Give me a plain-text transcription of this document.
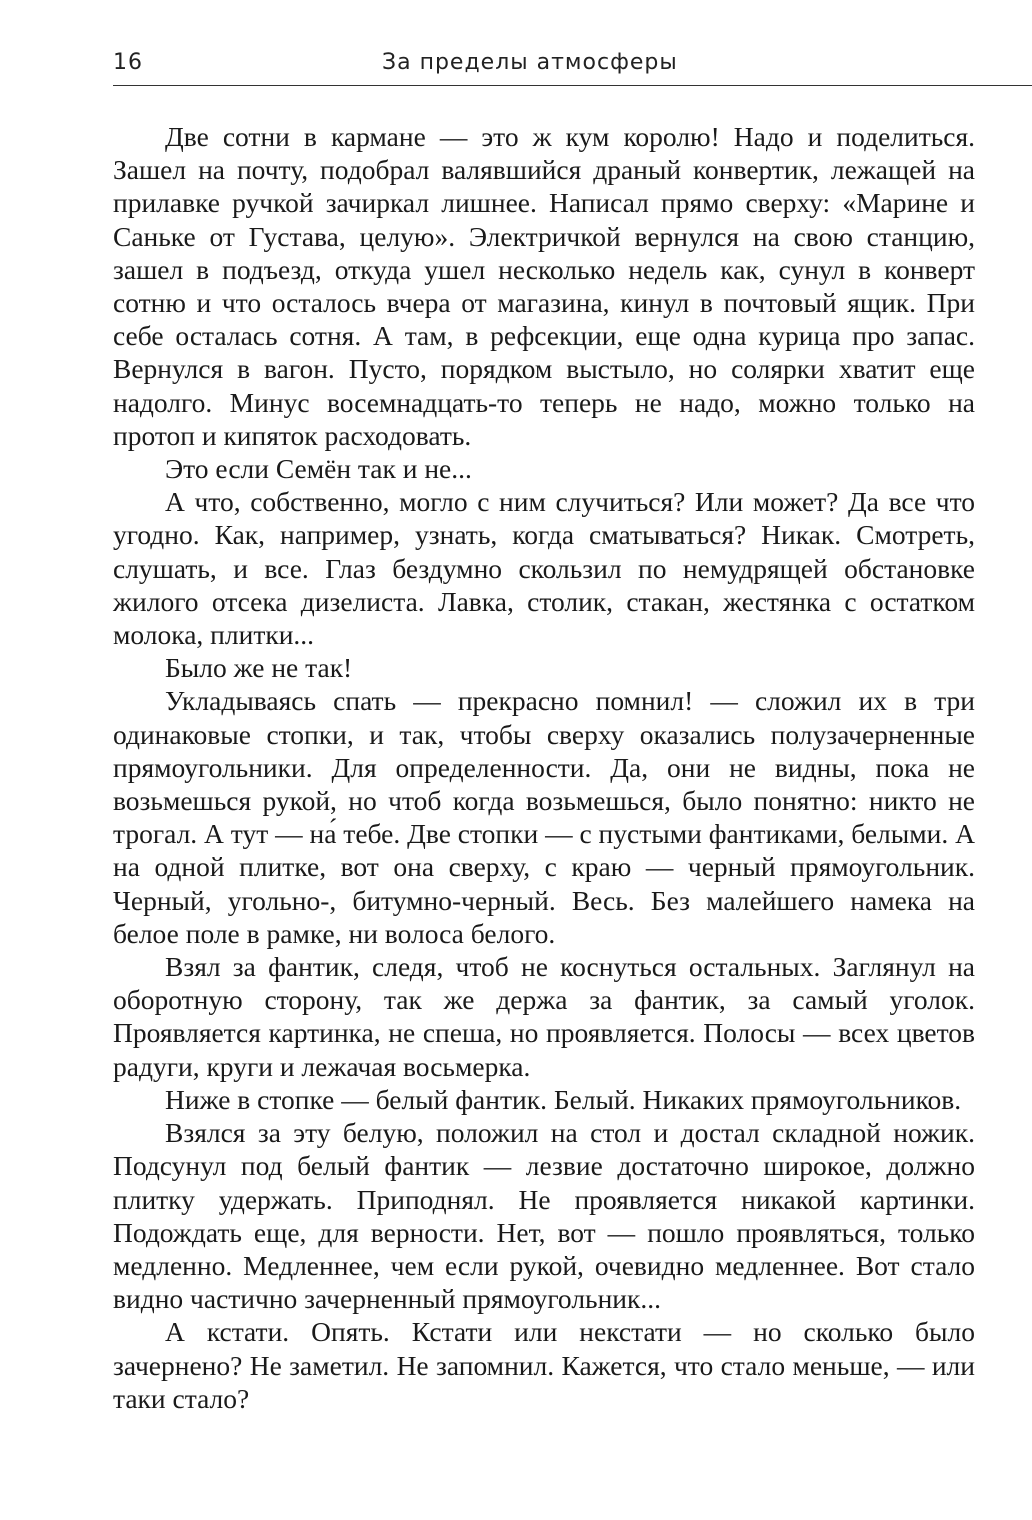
16	За пределы атмосферы

Две сотни в кармане — это ж кум королю! Надо и поделиться. Зашел на почту, подобрал валявшийся драный конвертик, лежащей на прилавке ручкой зачиркал лишнее. Написал прямо сверху: «Марине и Саньке от Густава, целую». Электричкой вернулся на свою станцию, зашел в подъезд, откуда ушел несколько недель как, сунул в конверт сотню и что осталось вчера от магазина, кинул в почтовый ящик. При себе осталась сотня. А там, в рефсекции, еще одна курица про запас. Вернулся в вагон. Пусто, порядком выстыло, но солярки хватит еще надолго. Минус восемнадцать-то теперь не надо, можно только на протоп и кипяток расходовать.

Это если Семён так и не...

А что, собственно, могло с ним случиться? Или может? Да все что угодно. Как, например, узнать, когда сматываться? Никак. Смотреть, слушать, и все. Глаз бездумно скользил по немудрящей обстановке жилого отсека дизелиста. Лавка, столик, стакан, жестянка с остатком молока, плитки...

Было же не так!

Укладываясь спать — прекрасно помнил! — сложил их в три одинаковые стопки, и так, чтобы сверху оказались полузачерненные прямоугольники. Для определенности. Да, они не видны, пока не возьмешься рукой, но чтоб когда возьмешься, было понятно: никто не трогал. А тут — на́ тебе. Две стопки — с пустыми фантиками, белыми. А на одной плитке, вот она сверху, с краю — черный прямоугольник. Черный, угольно-, битумно-черный. Весь. Без малейшего намека на белое поле в рамке, ни волоса белого.

Взял за фантик, следя, чтоб не коснуться остальных. Заглянул на оборотную сторону, так же держа за фантик, за самый уголок. Проявляется картинка, не спеша, но проявляется. Полосы — всех цветов радуги, круги и лежачая восьмерка.

Ниже в стопке — белый фантик. Белый. Никаких прямоугольников.

Взялся за эту белую, положил на стол и достал складной ножик. Подсунул под белый фантик — лезвие достаточно широкое, должно плитку удержать. Приподнял. Не проявляется никакой картинки. Подождать еще, для верности. Нет, вот — пошло проявляться, только медленно. Медленнее, чем если рукой, очевидно медленнее. Вот стало видно частично зачерненный прямоугольник...

А кстати. Опять. Кстати или некстати — но сколько было зачернено? Не заметил. Не запомнил. Кажется, что стало меньше, — или таки стало?
